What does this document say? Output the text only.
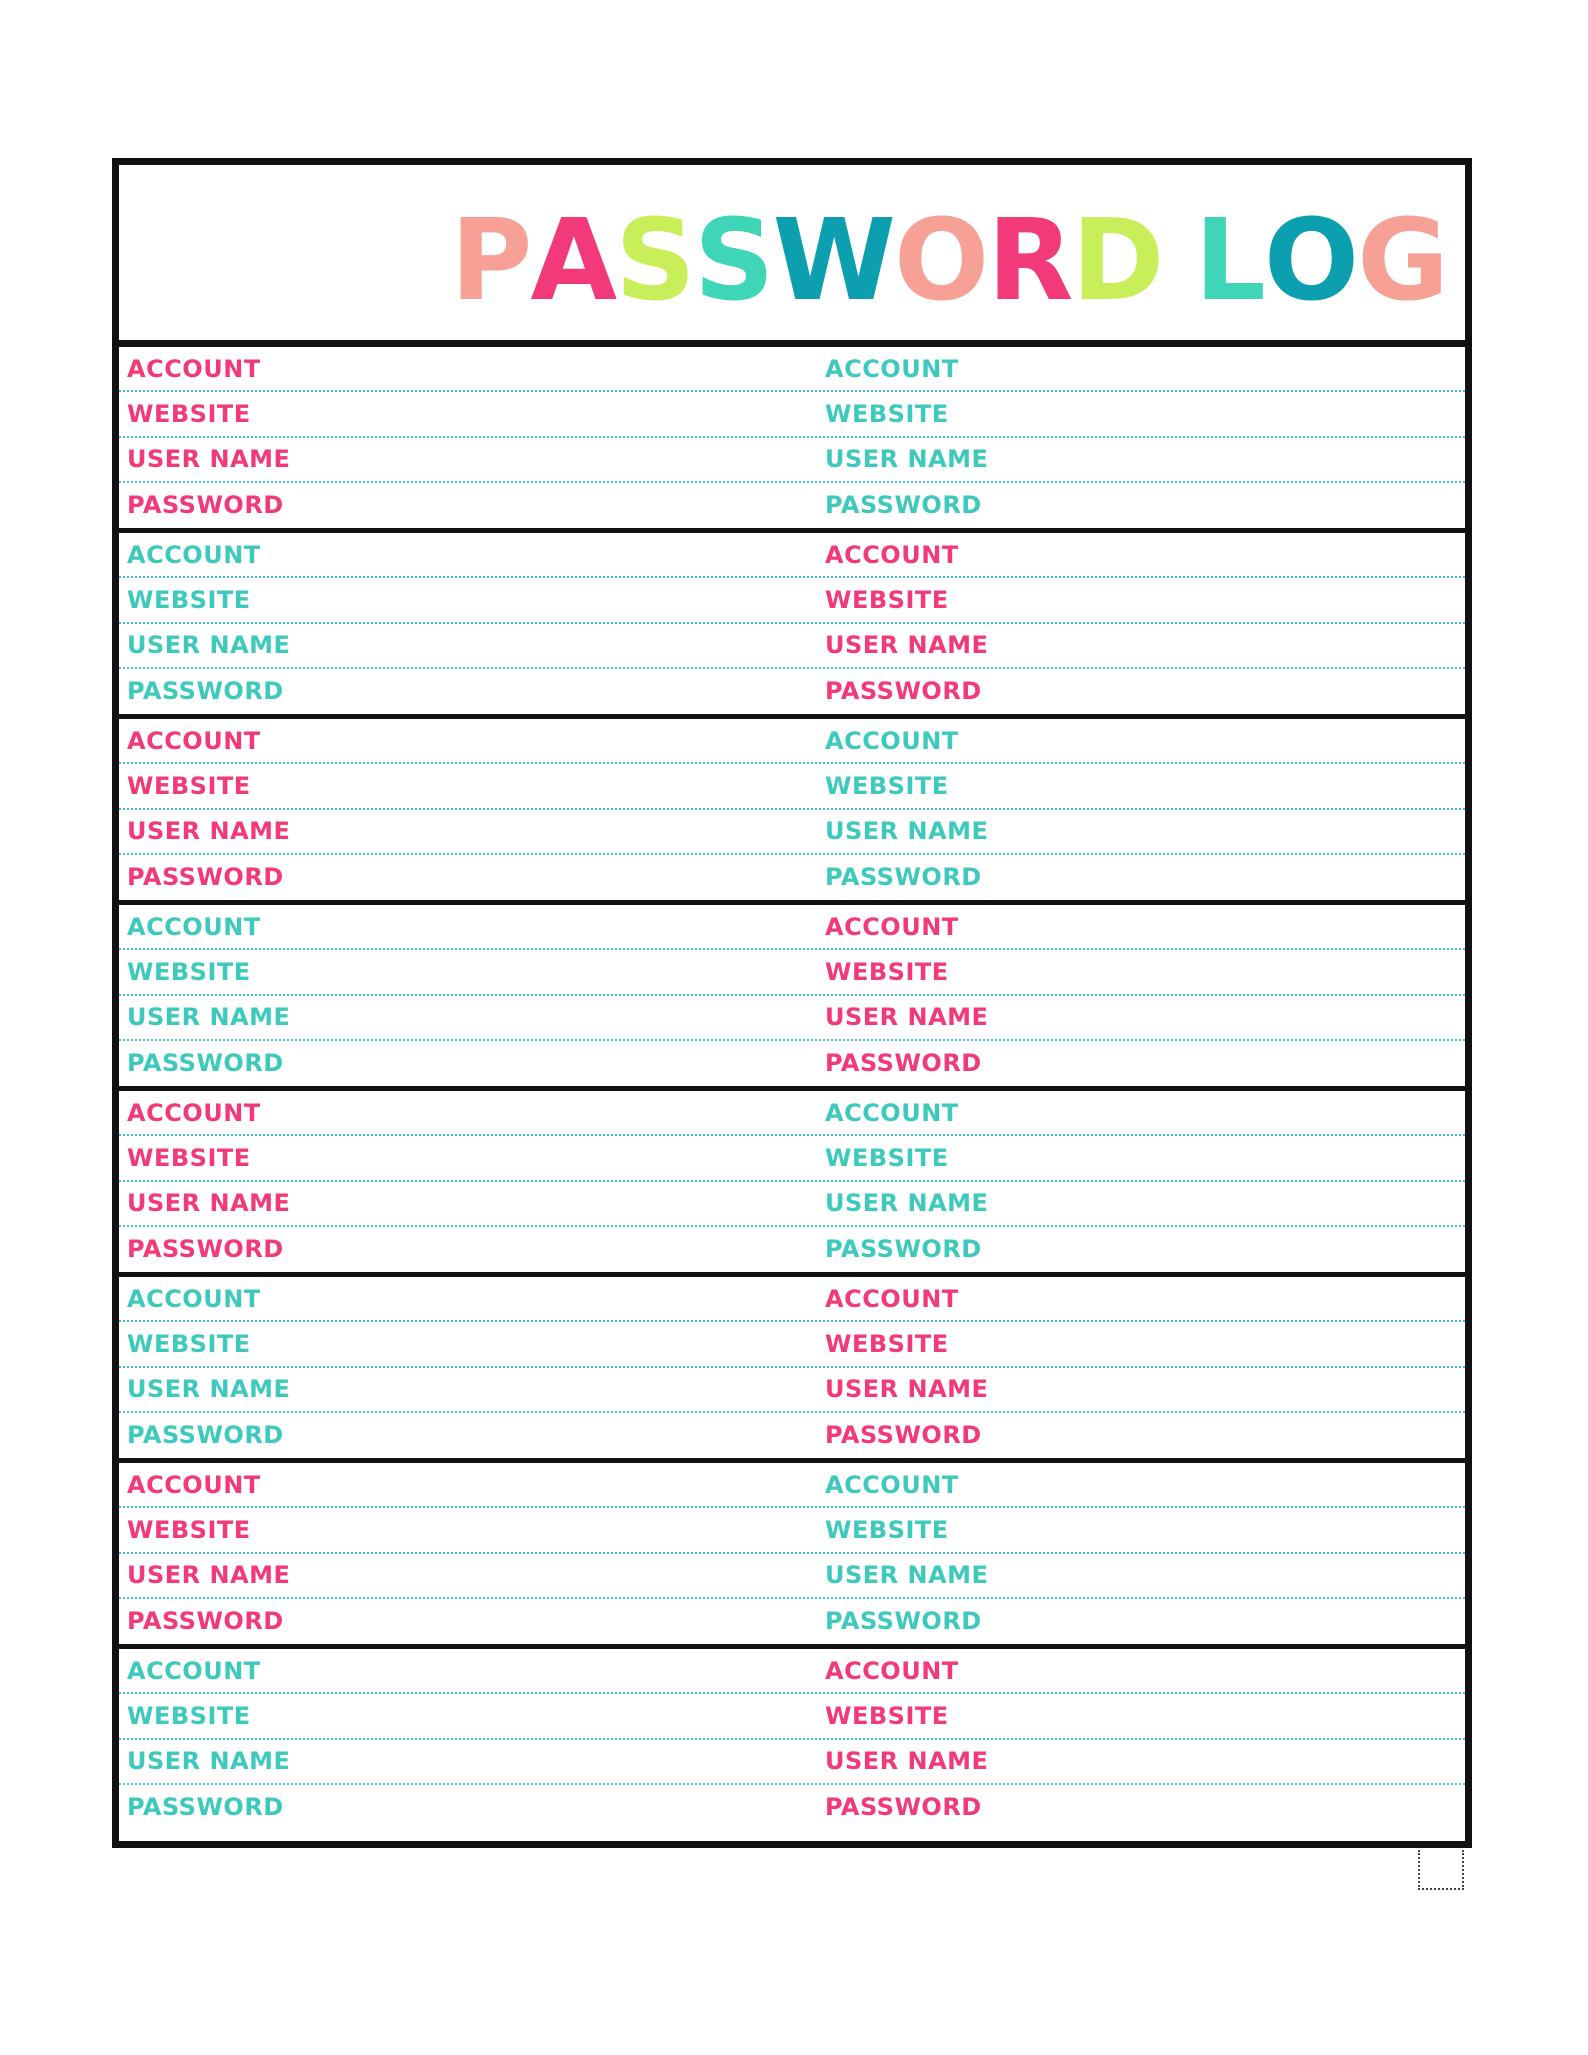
PASSWORD LOG
ACCOUNT	ACCOUNT
WEBSITE	WEBSITE
USER NAME	USER NAME
PASSWORD	PASSWORD
ACCOUNT	ACCOUNT
WEBSITE	WEBSITE
USER NAME	USER NAME
PASSWORD	PASSWORD
ACCOUNT	ACCOUNT
WEBSITE	WEBSITE
USER NAME	USER NAME
PASSWORD	PASSWORD
ACCOUNT	ACCOUNT
WEBSITE	WEBSITE
USER NAME	USER NAME
PASSWORD	PASSWORD
ACCOUNT	ACCOUNT
WEBSITE	WEBSITE
USER NAME	USER NAME
PASSWORD	PASSWORD
ACCOUNT	ACCOUNT
WEBSITE	WEBSITE
USER NAME	USER NAME
PASSWORD	PASSWORD
ACCOUNT	ACCOUNT
WEBSITE	WEBSITE
USER NAME	USER NAME
PASSWORD	PASSWORD
ACCOUNT	ACCOUNT
WEBSITE	WEBSITE
USER NAME	USER NAME
PASSWORD	PASSWORD
